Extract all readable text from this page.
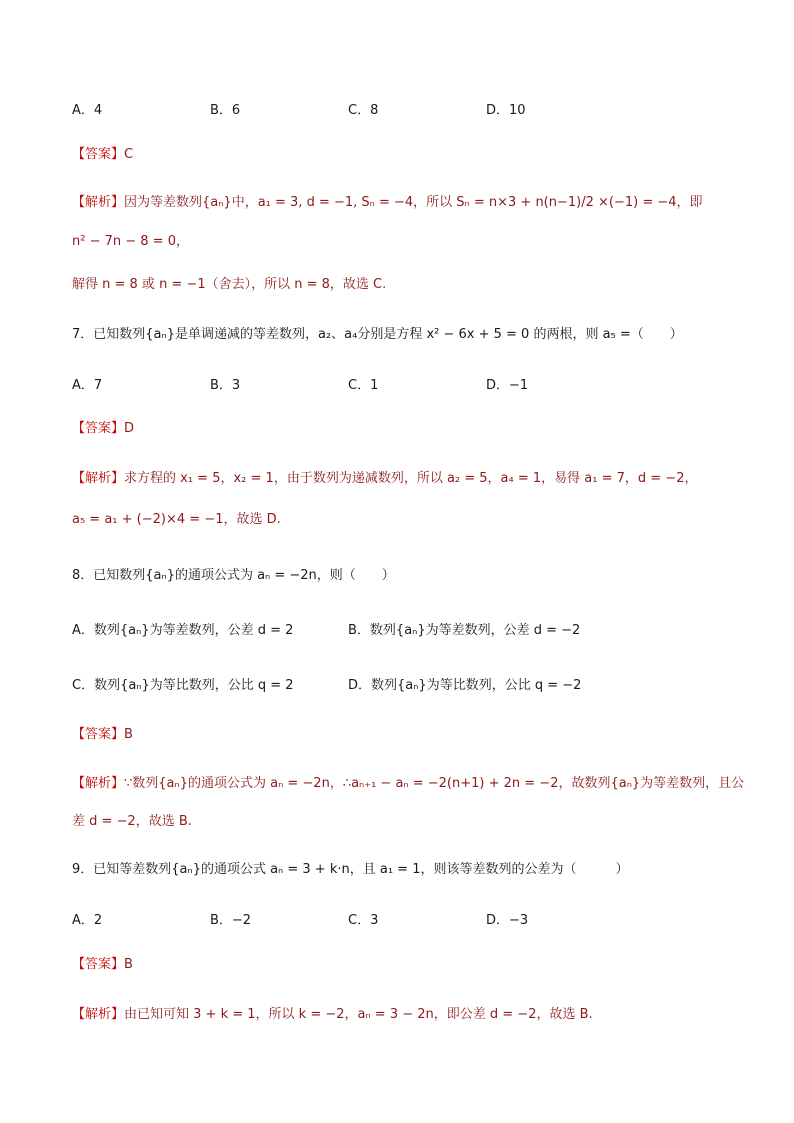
A．4	B．6	C．8	D．10
【答案】C
【解析】因为等差数列{aₙ}中，a₁ = 3, d = −1, Sₙ = −4，所以 Sₙ = n×3 + n(n−1)/2 ×(−1) = −4，即
n² − 7n − 8 = 0，
解得 n = 8 或 n = −1（舍去），所以 n = 8，故选 C.
7．已知数列{aₙ}是单调递减的等差数列，a₂、a₄分别是方程 x² − 6x + 5 = 0 的两根，则 a₅ =（　　）
A．7	B．3	C．1	D．−1
【答案】D
【解析】求方程的 x₁ = 5，x₂ = 1，由于数列为递减数列，所以 a₂ = 5，a₄ = 1，易得 a₁ = 7，d = −2，
a₅ = a₁ + (−2)×4 = −1，故选 D.
8．已知数列{aₙ}的通项公式为 aₙ = −2n，则（　　）
A．数列{aₙ}为等差数列，公差 d = 2	B．数列{aₙ}为等差数列，公差 d = −2
C．数列{aₙ}为等比数列，公比 q = 2	D．数列{aₙ}为等比数列，公比 q = −2
【答案】B
【解析】∵数列{aₙ}的通项公式为 aₙ = −2n，∴aₙ₊₁ − aₙ = −2(n+1) + 2n = −2，故数列{aₙ}为等差数列，且公
差 d = −2，故选 B.
9．已知等差数列{aₙ}的通项公式 aₙ = 3 + k·n，且 a₁ = 1，则该等差数列的公差为（　　　）
A．2	B．−2	C．3	D．−3
【答案】B
【解析】由已知可知 3 + k = 1，所以 k = −2，aₙ = 3 − 2n，即公差 d = −2，故选 B.
